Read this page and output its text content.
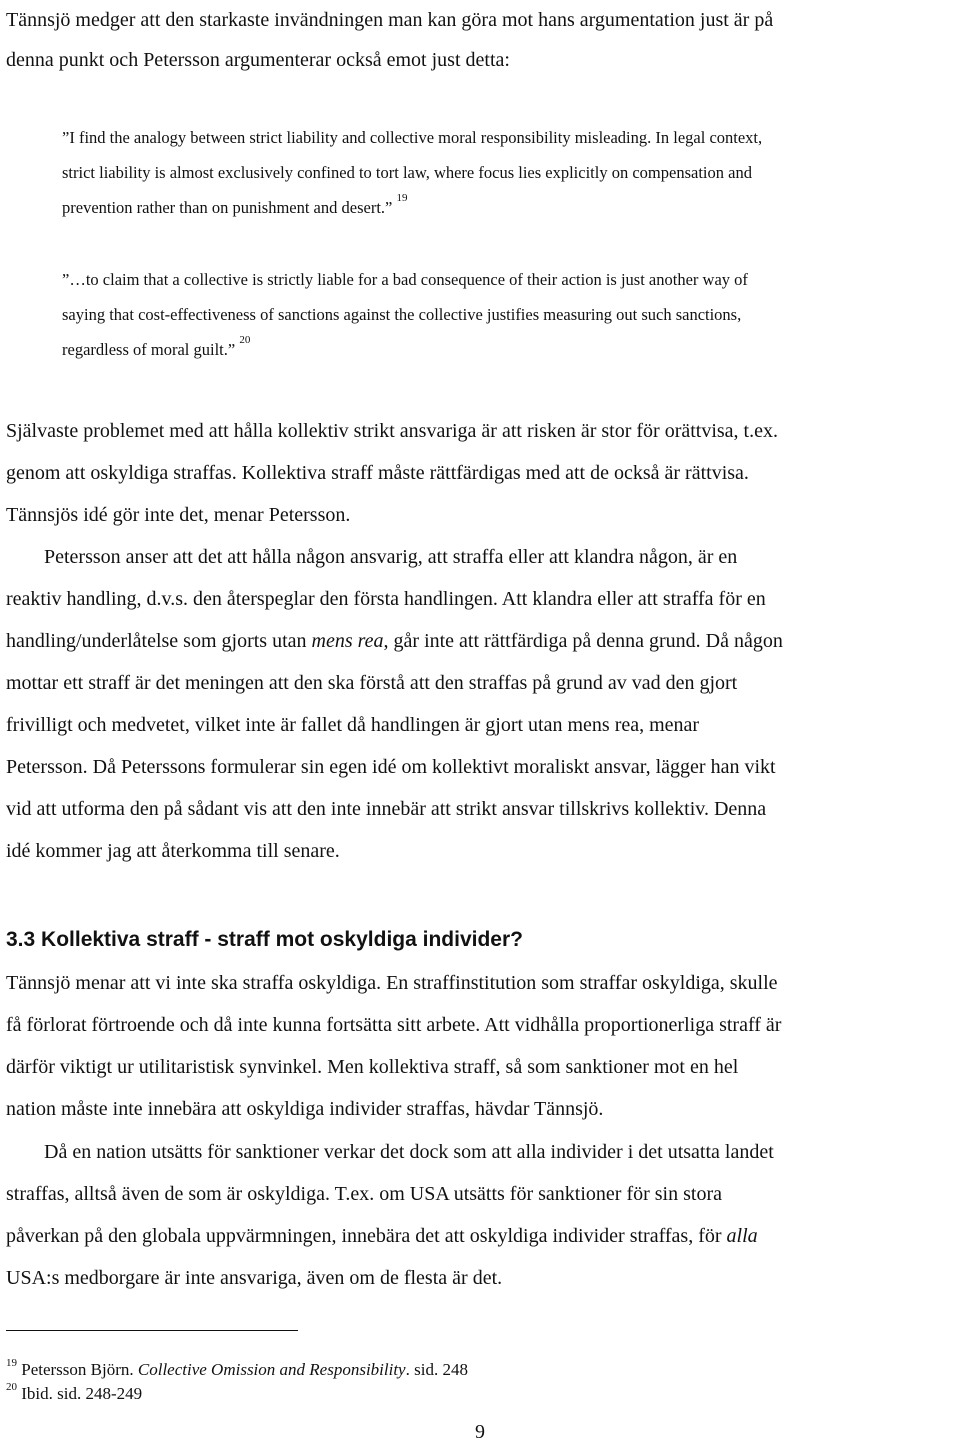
Tännsjö medger att den starkaste invändningen man kan göra mot hans argumentation just är på
denna punkt och Petersson argumenterar också emot just detta:
”I find the analogy between strict liability and collective moral responsibility misleading. In legal context,
strict liability is almost exclusively confined to tort law, where focus lies explicitly on compensation and
prevention rather than on punishment and desert.” $^{19}$
”…to claim that a collective is strictly liable for a bad consequence of their action is just another way of
saying that cost-effectiveness of sanctions against the collective justifies measuring out such sanctions,
regardless of moral guilt.” $^{20}$
Självaste problemet med att hålla kollektiv strikt ansvariga är att risken är stor för orättvisa, t.ex.
genom att oskyldiga straffas. Kollektiva straff måste rättfärdigas med att de också är rättvisa.
Tännsjös idé gör inte det, menar Petersson.
Petersson anser att det att hålla någon ansvarig, att straffa eller att klandra någon, är en
reaktiv handling, d.v.s. den återspeglar den första handlingen. Att klandra eller att straffa för en
handling/underlåtelse som gjorts utan mens rea, går inte att rättfärdiga på denna grund. Då någon
mottar ett straff är det meningen att den ska förstå att den straffas på grund av vad den gjort
frivilligt och medvetet, vilket inte är fallet då handlingen är gjort utan mens rea, menar
Petersson. Då Peterssons formulerar sin egen idé om kollektivt moraliskt ansvar, lägger han vikt
vid att utforma den på sådant vis att den inte innebär att strikt ansvar tillskrivs kollektiv. Denna
idé kommer jag att återkomma till senare.
3.3 Kollektiva straff - straff mot oskyldiga individer?
Tännsjö menar att vi inte ska straffa oskyldiga. En straffinstitution som straffar oskyldiga, skulle
få förlorat förtroende och då inte kunna fortsätta sitt arbete. Att vidhålla proportionerliga straff är
därför viktigt ur utilitaristisk synvinkel. Men kollektiva straff, så som sanktioner mot en hel
nation måste inte innebära att oskyldiga individer straffas, hävdar Tännsjö.
Då en nation utsätts för sanktioner verkar det dock som att alla individer i det utsatta landet
straffas, alltså även de som är oskyldiga. T.ex. om USA utsätts för sanktioner för sin stora
påverkan på den globala uppvärmningen, innebära det att oskyldiga individer straffas, för alla
USA:s medborgare är inte ansvariga, även om de flesta är det.
$^{19}$ Petersson Björn. Collective Omission and Responsibility. sid. 248
$^{20}$ Ibid. sid. 248-249
9
